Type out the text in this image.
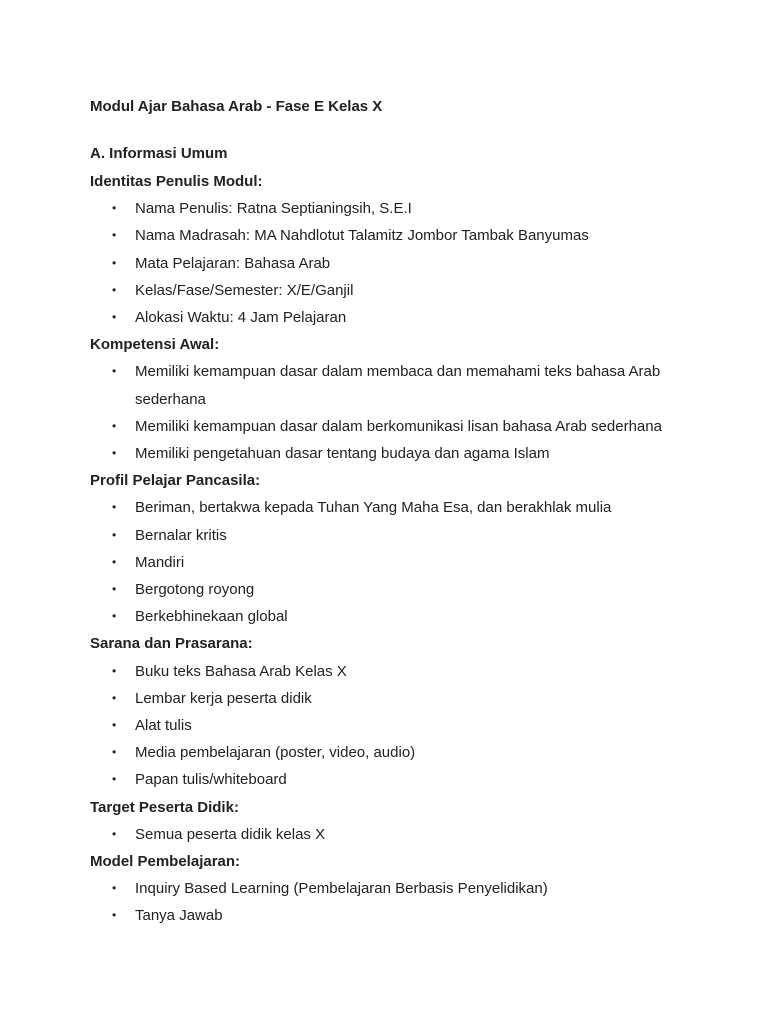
Modul Ajar Bahasa Arab - Fase E Kelas X
A. Informasi Umum
Identitas Penulis Modul:
• Nama Penulis: Ratna Septianingsih, S.E.I
• Nama Madrasah: MA Nahdlotut Talamitz Jombor Tambak Banyumas
• Mata Pelajaran: Bahasa Arab
• Kelas/Fase/Semester: X/E/Ganjil
• Alokasi Waktu: 4 Jam Pelajaran
Kompetensi Awal:
• Memiliki kemampuan dasar dalam membaca dan memahami teks bahasa Arab sederhana
• Memiliki kemampuan dasar dalam berkomunikasi lisan bahasa Arab sederhana
• Memiliki pengetahuan dasar tentang budaya dan agama Islam
Profil Pelajar Pancasila:
• Beriman, bertakwa kepada Tuhan Yang Maha Esa, dan berakhlak mulia
• Bernalar kritis
• Mandiri
• Bergotong royong
• Berkebhinekaan global
Sarana dan Prasarana:
• Buku teks Bahasa Arab Kelas X
• Lembar kerja peserta didik
• Alat tulis
• Media pembelajaran (poster, video, audio)
• Papan tulis/whiteboard
Target Peserta Didik:
• Semua peserta didik kelas X
Model Pembelajaran:
• Inquiry Based Learning (Pembelajaran Berbasis Penyelidikan)
• Tanya Jawab
